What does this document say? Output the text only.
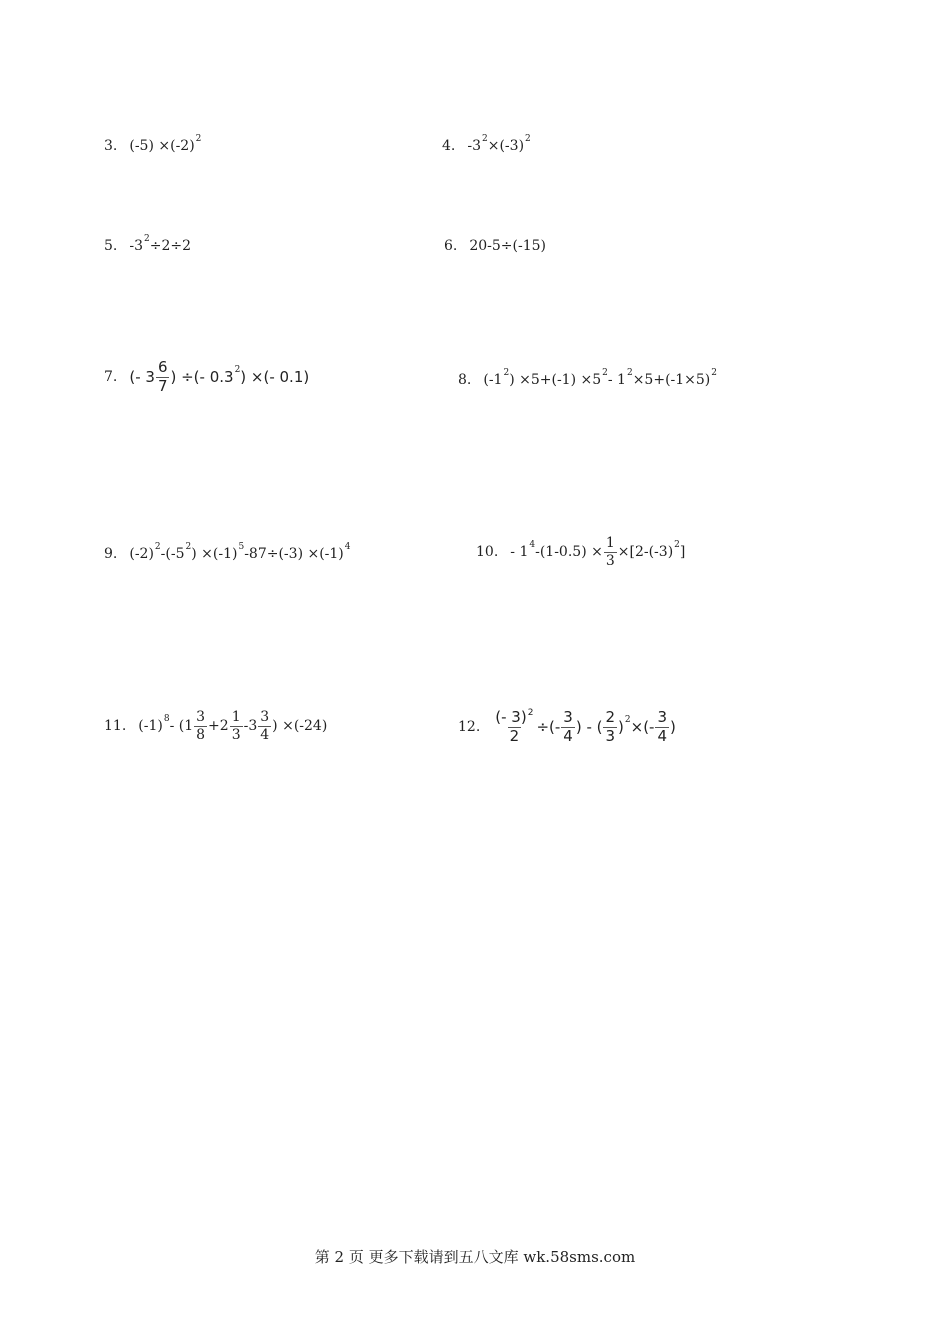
3. (-5) ×(-2) 2	4. -3 2 ×(-3) 2
5. -3 2 ÷2÷2	6. 20-5÷(-15)
7. (- $3 \frac{6}{7}$ ) ÷(- 0.3 2 ) ×(- 0.1)	8. (-1 2 ) ×5+(-1) ×5 2 - 1 2 ×5+(-1×5) 2
9. (-2) 2 -(-5 2 ) ×(-1) 5 -87÷(-3) ×(-1) 4	10. - 1 4 $-(1-0.5) \times \frac{1}{3} \times[2-(-3)$ 2 ]
11. (-1) $8 - (1 \frac{3}{8} +2 \frac{1}{3} -3 \frac{3}{4}$ ) ×(-24)	12. $\frac{(- 3)^2}{2}$ ÷(- $\frac{3}{4}$ ) - ( $\frac{2}{3}$ ) 2 ×(- $\frac{3}{4}$ )
第 2 页 更多下载请到五八文库 wk.58sms.com
